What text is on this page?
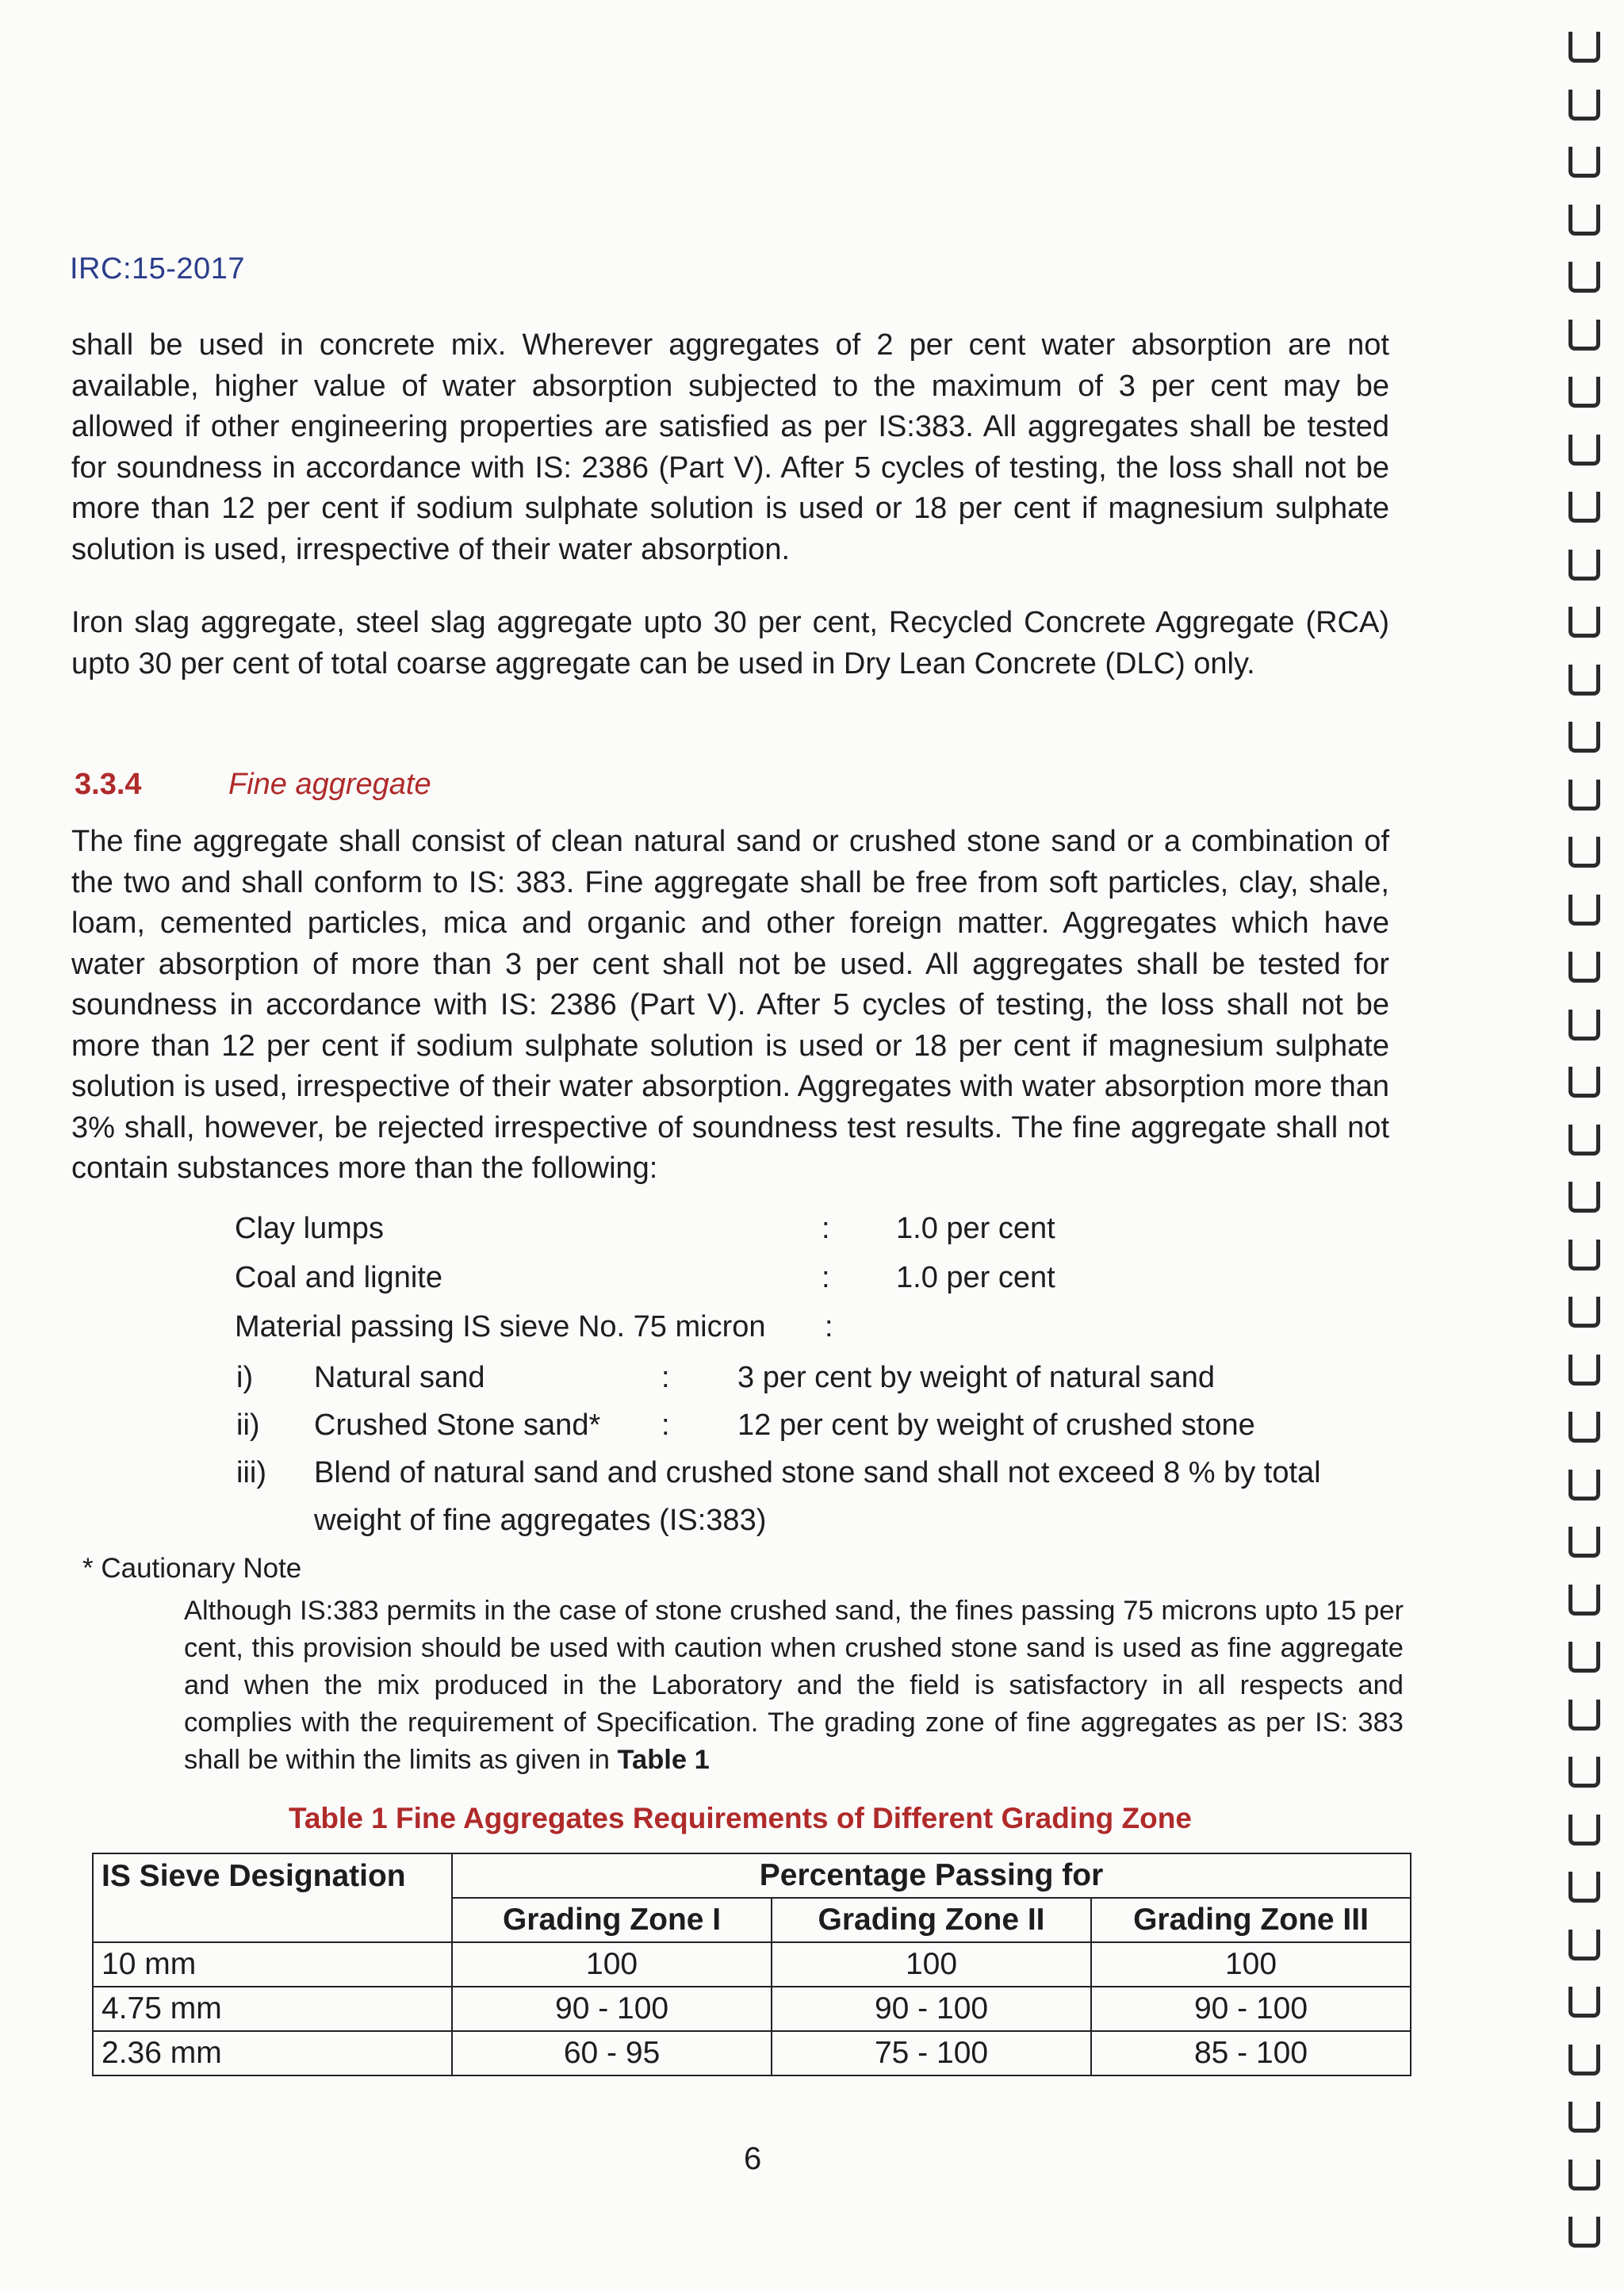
IRC:15-2017

shall be used in concrete mix. Wherever aggregates of 2 per cent water absorption are not available, higher value of water absorption subjected to the maximum of 3 per cent may be allowed if other engineering properties are satisfied as per IS:383. All aggregates shall be tested for soundness in accordance with IS: 2386 (Part V). After 5 cycles of testing, the loss shall not be more than 12 per cent if sodium sulphate solution is used or 18 per cent if magnesium sulphate solution is used, irrespective of their water absorption.

Iron slag aggregate, steel slag aggregate upto 30 per cent, Recycled Concrete Aggregate (RCA) upto 30 per cent of total coarse aggregate can be used in Dry Lean Concrete (DLC) only.

3.3.4	Fine aggregate

The fine aggregate shall consist of clean natural sand or crushed stone sand or a combination of the two and shall conform to IS: 383. Fine aggregate shall be free from soft particles, clay, shale, loam, cemented particles, mica and organic and other foreign matter. Aggregates which have water absorption of more than 3 per cent shall not be used. All aggregates shall be tested for soundness in accordance with IS: 2386 (Part V). After 5 cycles of testing, the loss shall not be more than 12 per cent if sodium sulphate solution is used or 18 per cent if magnesium sulphate solution is used, irrespective of their water absorption. Aggregates with water absorption more than 3% shall, however, be rejected irrespective of soundness test results. The fine aggregate shall not contain substances more than the following:

Clay lumps	: 1.0 per cent
Coal and lignite	: 1.0 per cent
Material passing IS sieve No. 75 micron :
i) Natural sand	: 3 per cent by weight of natural sand
ii) Crushed Stone sand* : 12 per cent by weight of crushed stone
iii) Blend of natural sand and crushed stone sand shall not exceed 8 % by total
weight of fine aggregates (IS:383)
* Cautionary Note
Although IS:383 permits in the case of stone crushed sand, the fines passing 75 microns upto 15 per cent, this provision should be used with caution when crushed stone sand is used as fine aggregate and when the mix produced in the Laboratory and the field is satisfactory in all respects and complies with the requirement of Specification. The grading zone of fine aggregates as per IS: 383 shall be within the limits as given in Table 1
Table 1 Fine Aggregates Requirements of Different Grading Zone
IS Sieve Designation	Percentage Passing for		
	Grading Zone I	Grading Zone II	Grading Zone III
10 mm	100	100	100
4.75 mm	90 - 100	90 - 100	90 - 100
2.36 mm	60 - 95	75 - 100	85 - 100
6
